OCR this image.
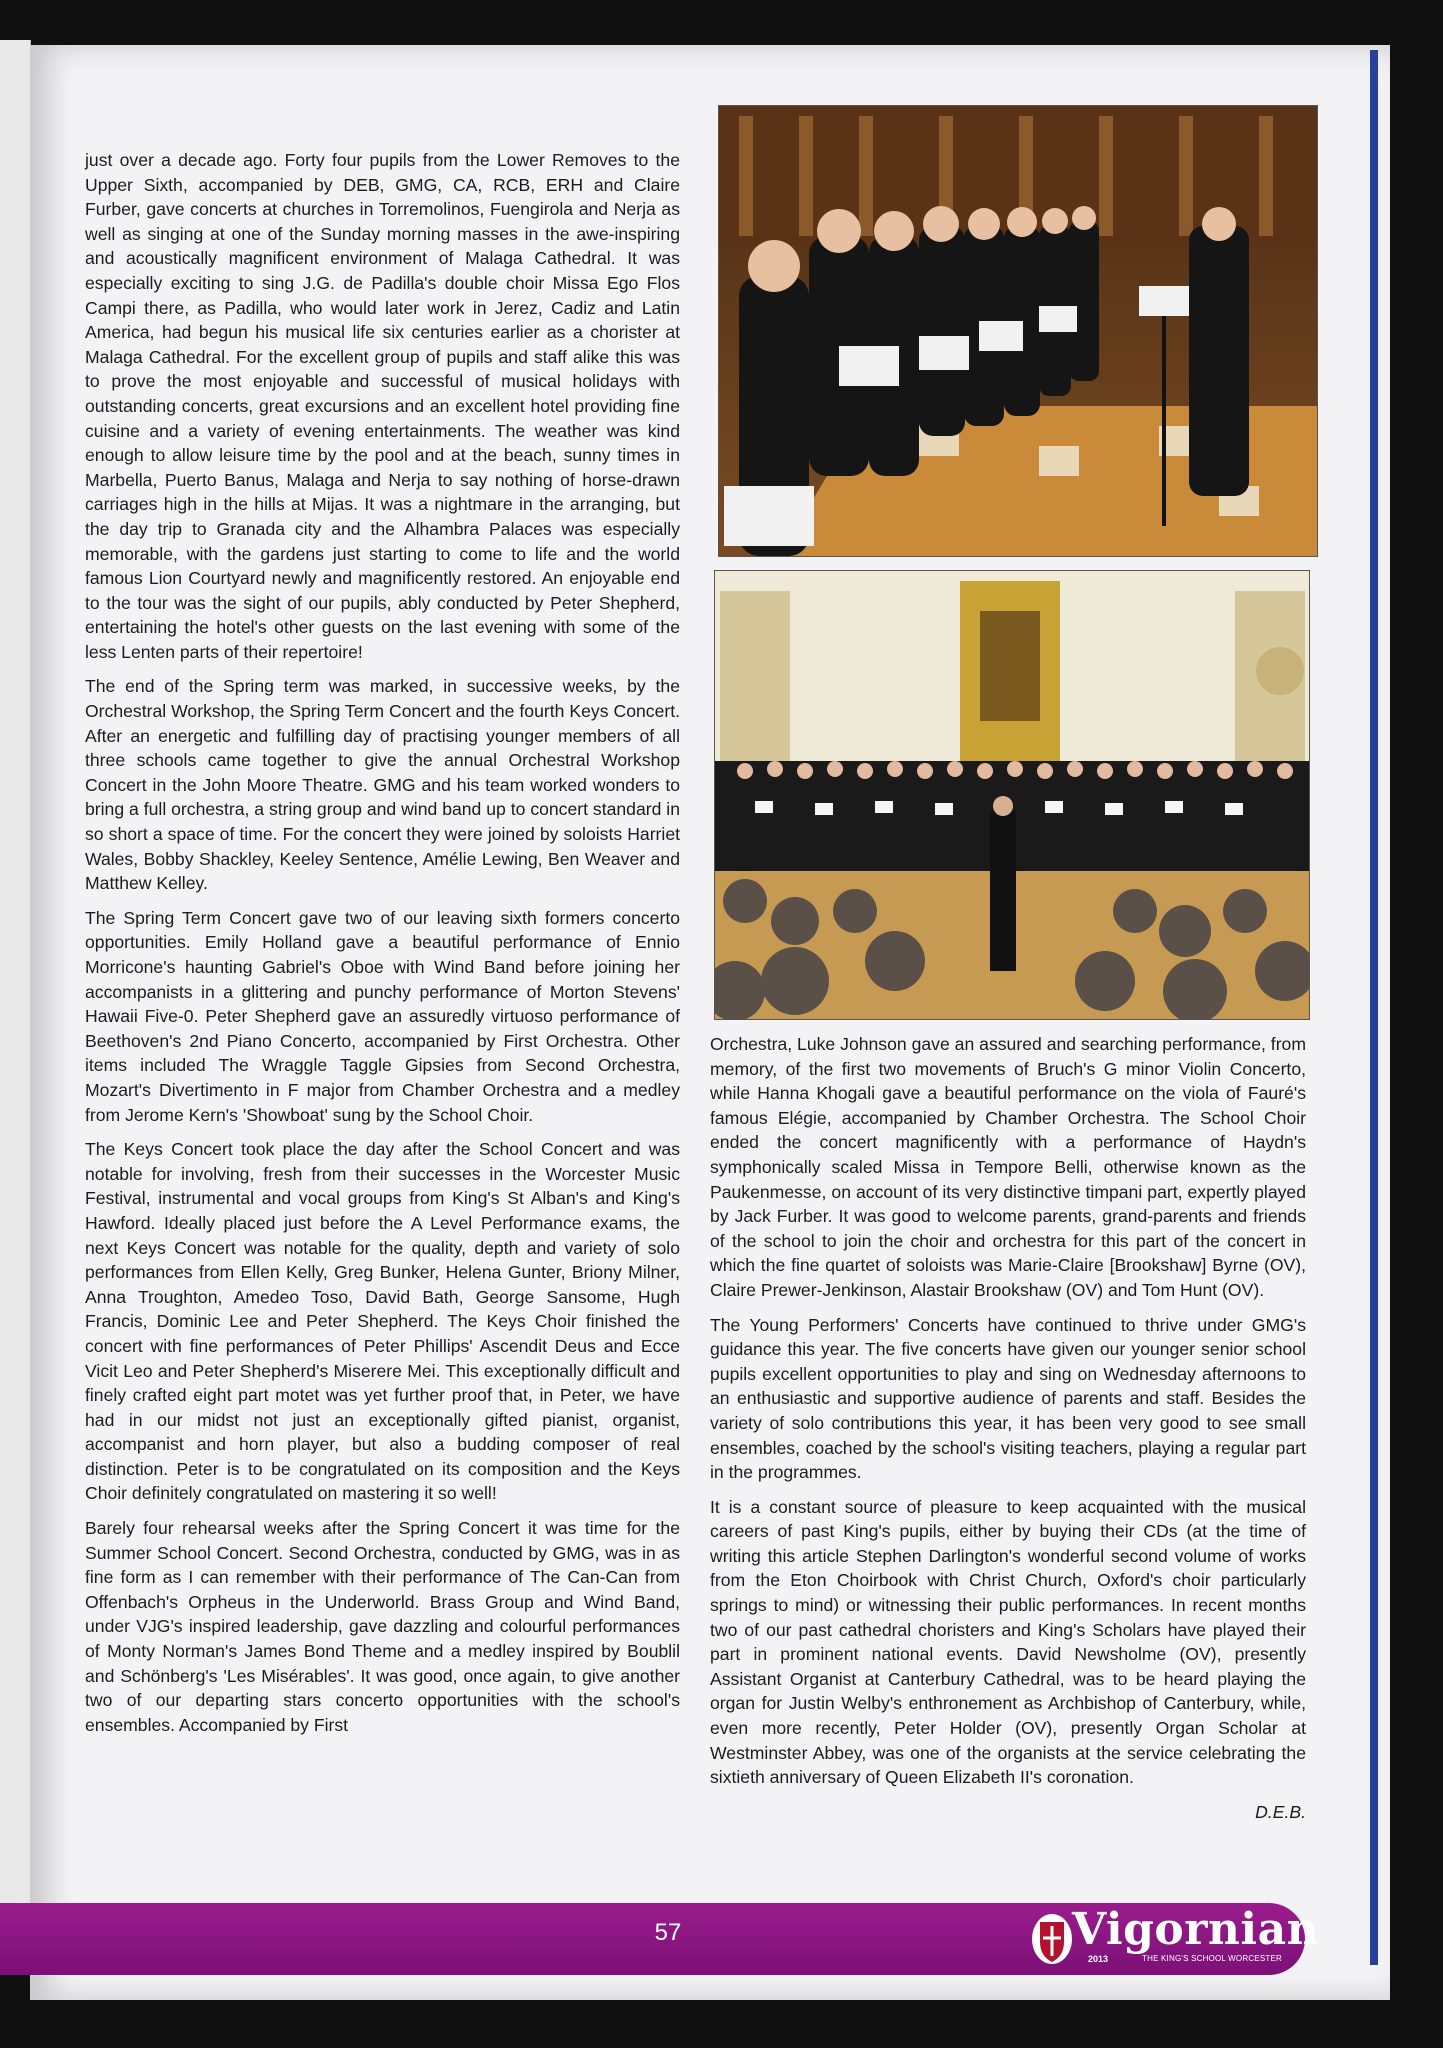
just over a decade ago. Forty four pupils from the Lower Removes to the Upper Sixth, accompanied by DEB, GMG, CA, RCB, ERH and Claire Furber, gave concerts at churches in Torremolinos, Fuengirola and Nerja as well as singing at one of the Sunday morning masses in the awe-inspiring and acoustically magnificent environment of Malaga Cathedral. It was especially exciting to sing J.G. de Padilla's double choir Missa Ego Flos Campi there, as Padilla, who would later work in Jerez, Cadiz and Latin America, had begun his musical life six centuries earlier as a chorister at Malaga Cathedral. For the excellent group of pupils and staff alike this was to prove the most enjoyable and successful of musical holidays with outstanding concerts, great excursions and an excellent hotel providing fine cuisine and a variety of evening entertainments. The weather was kind enough to allow leisure time by the pool and at the beach, sunny times in Marbella, Puerto Banus, Malaga and Nerja to say nothing of horse-drawn carriages high in the hills at Mijas. It was a nightmare in the arranging, but the day trip to Granada city and the Alhambra Palaces was especially memorable, with the gardens just starting to come to life and the world famous Lion Courtyard newly and magnificently restored. An enjoyable end to the tour was the sight of our pupils, ably conducted by Peter Shepherd, entertaining the hotel's other guests on the last evening with some of the less Lenten parts of their repertoire!

The end of the Spring term was marked, in successive weeks, by the Orchestral Workshop, the Spring Term Concert and the fourth Keys Concert. After an energetic and fulfilling day of practising younger members of all three schools came together to give the annual Orchestral Workshop Concert in the John Moore Theatre. GMG and his team worked wonders to bring a full orchestra, a string group and wind band up to concert standard in so short a space of time. For the concert they were joined by soloists Harriet Wales, Bobby Shackley, Keeley Sentence, Amélie Lewing, Ben Weaver and Matthew Kelley.

The Spring Term Concert gave two of our leaving sixth formers concerto opportunities. Emily Holland gave a beautiful performance of Ennio Morricone's haunting Gabriel's Oboe with Wind Band before joining her accompanists in a glittering and punchy performance of Morton Stevens' Hawaii Five-0. Peter Shepherd gave an assuredly virtuoso performance of Beethoven's 2nd Piano Concerto, accompanied by First Orchestra. Other items included The Wraggle Taggle Gipsies from Second Orchestra, Mozart's Divertimento in F major from Chamber Orchestra and a medley from Jerome Kern's 'Showboat' sung by the School Choir.

The Keys Concert took place the day after the School Concert and was notable for involving, fresh from their successes in the Worcester Music Festival, instrumental and vocal groups from King's St Alban's and King's Hawford. Ideally placed just before the A Level Performance exams, the next Keys Concert was notable for the quality, depth and variety of solo performances from Ellen Kelly, Greg Bunker, Helena Gunter, Briony Milner, Anna Troughton, Amedeo Toso, David Bath, George Sansome, Hugh Francis, Dominic Lee and Peter Shepherd. The Keys Choir finished the concert with fine performances of Peter Phillips' Ascendit Deus and Ecce Vicit Leo and Peter Shepherd's Miserere Mei. This exceptionally difficult and finely crafted eight part motet was yet further proof that, in Peter, we have had in our midst not just an exceptionally gifted pianist, organist, accompanist and horn player, but also a budding composer of real distinction. Peter is to be congratulated on its composition and the Keys Choir definitely congratulated on mastering it so well!

Barely four rehearsal weeks after the Spring Concert it was time for the Summer School Concert. Second Orchestra, conducted by GMG, was in as fine form as I can remember with their performance of The Can-Can from Offenbach's Orpheus in the Underworld. Brass Group and Wind Band, under VJG's inspired leadership, gave dazzling and colourful performances of Monty Norman's James Bond Theme and a medley inspired by Boublil and Schönberg's 'Les Misérables'. It was good, once again, to give another two of our departing stars concerto opportunities with the school's ensembles. Accompanied by First

Orchestra, Luke Johnson gave an assured and searching performance, from memory, of the first two movements of Bruch's G minor Violin Concerto, while Hanna Khogali gave a beautiful performance on the viola of Fauré's famous Elégie, accompanied by Chamber Orchestra. The School Choir ended the concert magnificently with a performance of Haydn's symphonically scaled Missa in Tempore Belli, otherwise known as the Paukenmesse, on account of its very distinctive timpani part, expertly played by Jack Furber. It was good to welcome parents, grand-parents and friends of the school to join the choir and orchestra for this part of the concert in which the fine quartet of soloists was Marie-Claire [Brookshaw] Byrne (OV), Claire Prewer-Jenkinson, Alastair Brookshaw (OV) and Tom Hunt (OV).

The Young Performers' Concerts have continued to thrive under GMG's guidance this year. The five concerts have given our younger senior school pupils excellent opportunities to play and sing on Wednesday afternoons to an enthusiastic and supportive audience of parents and staff. Besides the variety of solo contributions this year, it has been very good to see small ensembles, coached by the school's visiting teachers, playing a regular part in the programmes.

It is a constant source of pleasure to keep acquainted with the musical careers of past King's pupils, either by buying their CDs (at the time of writing this article Stephen Darlington's wonderful second volume of works from the Eton Choirbook with Christ Church, Oxford's choir particularly springs to mind) or witnessing their public performances. In recent months two of our past cathedral choristers and King's Scholars have played their part in prominent national events. David Newsholme (OV), presently Assistant Organist at Canterbury Cathedral, was to be heard playing the organ for Justin Welby's enthronement as Archbishop of Canterbury, while, even more recently, Peter Holder (OV), presently Organ Scholar at Westminster Abbey, was one of the organists at the service celebrating the sixtieth anniversary of Queen Elizabeth II's coronation.

D.E.B.

57	Vigornian
2013	THE KING'S SCHOOL WORCESTER
